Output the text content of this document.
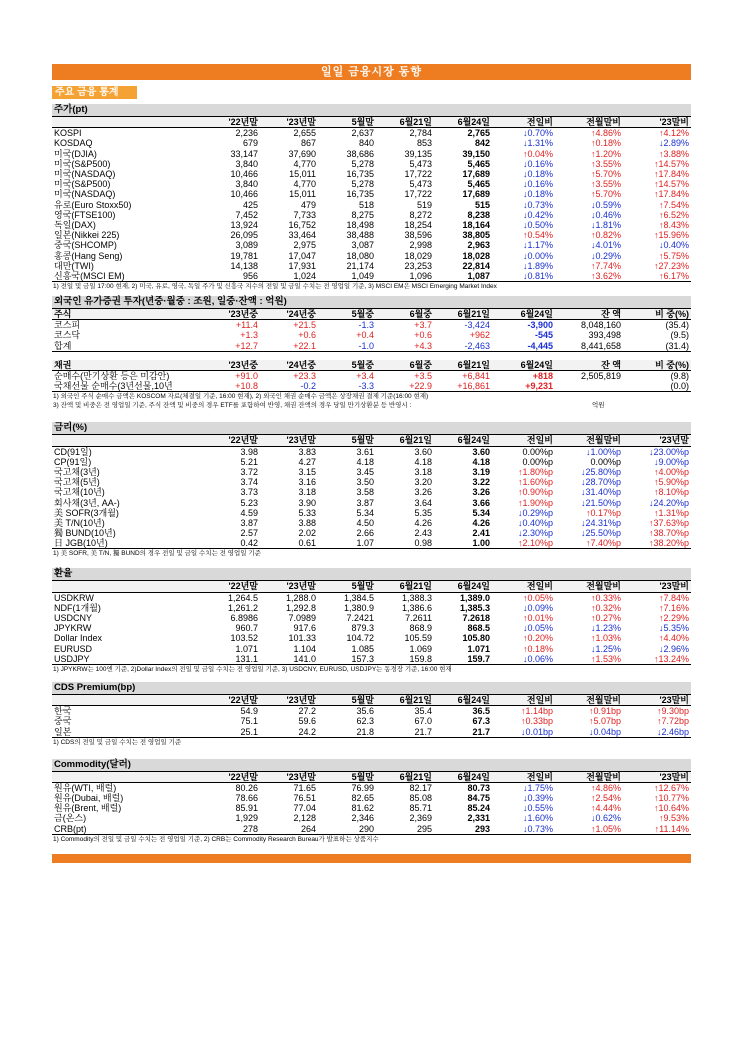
일일 금융시장 동향
주요 금융 통계
주가(pt)
	'22년말	'23년말	5월말	6월21일	6월24일	전일비	전월말비	'23말비
KOSPI	2,236	2,655	2,637	2,784	2,765	↓0.70%	↑4.86%	↑4.12%
KOSDAQ	679	867	840	853	842	↓1.31%	↑0.18%	↓2.89%
미국(DJIA)	33,147	37,690	38,686	39,135	39,150	↑0.04%	↑1.20%	↑3.88%
미국(S&P500)	3,840	4,770	5,278	5,473	5,465	↓0.16%	↑3.55%	↑14.57%
미국(NASDAQ)	10,466	15,011	16,735	17,722	17,689	↓0.18%	↑5.70%	↑17.84%
미국(S&P500)	3,840	4,770	5,278	5,473	5,465	↓0.16%	↑3.55%	↑14.57%
미국(NASDAQ)	10,466	15,011	16,735	17,722	17,689	↓0.18%	↑5.70%	↑17.84%
유로(Euro Stoxx50)	425	479	518	519	515	↓0.73%	↓0.59%	↑7.54%
영국(FTSE100)	7,452	7,733	8,275	8,272	8,238	↓0.42%	↓0.46%	↑6.52%
독일(DAX)	13,924	16,752	18,498	18,254	18,164	↓0.50%	↓1.81%	↑8.43%
일본(Nikkei 225)	26,095	33,464	38,488	38,596	38,805	↑0.54%	↑0.82%	↑15.96%
중국(SHCOMP)	3,089	2,975	3,087	2,998	2,963	↓1.17%	↓4.01%	↓0.40%
홍콩(Hang Seng)	19,781	17,047	18,080	18,029	18,028	↓0.00%	↓0.29%	↑5.75%
대만(TWI)	14,138	17,931	21,174	23,253	22,814	↓1.89%	↑7.74%	↑27.23%
신흥국(MSCI EM)	956	1,024	1,049	1,096	1,087	↓0.81%	↑3.62%	↑6.17%
1) 전일 및 금일 17:00 현재, 2) 미국, 유로, 영국, 독일 주가 및 신흥국 지수의 전일 및 금일 수치는 전 영업일 기준, 3) MSCI EM은 MSCI Emerging Market Index
외국인 유가증권 투자(년중·월중 : 조원, 일중·잔액 : 억원)
주식	'23년중	'24년중	5월중	6월중	6월21일	6월24일	잔 액	비 중(%)
코스피	+11.4	+21.5	-1.3	+3.7	-3,424	-3,900	8,048,160	(35.4)
코스닥	+1.3	+0.6	+0.4	+0.6	+962	-545	393,498	(9.5)
합계	+12.7	+22.1	-1.0	+4.3	-2,463	-4,445	8,441,658	(31.4)
채권	'23년중	'24년중	5월중	6월중	6월21일	6월24일	잔 액	비 중(%)
순매수(만기상환 등은 미감안)	+91.0	+23.3	+3.4	+3.5	+6,841	+818	2,505,819	(9.8)
국채선물 순매수(3년선물,10년	+10.8	-0.2	-3.3	+22.9	+16,861	+9,231		(0.0)
1) 외국인 주식 순매수 금액은 KOSCOM 자료(체결일 기준, 16:00 현재), 2) 외국인 채권 순매수 금액은 상장채권 결제 기준(16:00 현재)
3) 잔액 및 비중은 전 영업일 기준, 주식 잔액 및 비중의 경우 ETF를 포함하여 반영, 채권 잔액의 경우 당일 만기상환분 등 반영시 :	억원
금리(%)
	'22년말	'23년말	5월말	6월21일	6월24일	전일비	전월말비	'23년말
CD(91일)	3.98	3.83	3.61	3.60	3.60	0.00%p	↓1.00%p	↓23.00%p
CP(91일)	5.21	4.27	4.18	4.18	4.18	0.00%p	0.00%p	↓9.00%p
국고채(3년)	3.72	3.15	3.45	3.18	3.19	↑1.80%p	↓25.80%p	↑4.00%p
국고채(5년)	3.74	3.16	3.50	3.20	3.22	↑1.60%p	↓28.70%p	↑5.90%p
국고채(10년)	3.73	3.18	3.58	3.26	3.26	↑0.90%p	↓31.40%p	↑8.10%p
회사채(3년, AA-)	5.23	3.90	3.87	3.64	3.66	↑1.90%p	↓21.50%p	↓24.20%p
美 SOFR(3개월)	4.59	5.33	5.34	5.35	5.34	↓0.29%p	↑0.17%p	↑1.31%p
美 T/N(10년)	3.87	3.88	4.50	4.26	4.26	↓0.40%p	↓24.31%p	↑37.63%p
獨 BUND(10년)	2.57	2.02	2.66	2.43	2.41	↓2.30%p	↓25.50%p	↑38.70%p
日 JGB(10년)	0.42	0.61	1.07	0.98	1.00	↑2.10%p	↑7.40%p	↑38.20%p
1) 美 SOFR, 美 T/N, 獨 BUND의 경우 전일 및 금일 수치는 전 영업일 기준
환율
	'22년말	'23년말	5월말	6월21일	6월24일	전일비	전월말비	'23말비
USDKRW	1,264.5	1,288.0	1,384.5	1,388.3	1,389.0	↑0.05%	↑0.33%	↑7.84%
NDF(1개월)	1,261.2	1,292.8	1,380.9	1,386.6	1,385.3	↓0.09%	↑0.32%	↑7.16%
USDCNY	6.8986	7.0989	7.2421	7.2611	7.2618	↑0.01%	↑0.27%	↑2.29%
JPYKRW	960.7	917.6	879.3	868.9	868.5	↓0.05%	↓1.23%	↓5.35%
Dollar Index	103.52	101.33	104.72	105.59	105.80	↑0.20%	↑1.03%	↑4.40%
EURUSD	1.071	1.104	1.085	1.069	1.071	↑0.18%	↓1.25%	↓2.96%
USDJPY	131.1	141.0	157.3	159.8	159.7	↓0.06%	↑1.53%	↑13.24%
1) JPYKRW는 100엔 기준, 2)Dollar Index의 전일 및 금일 수치는 전 영업일 기준, 3) USDCNY, EURUSD, USDJPY는 동경장 기준, 16:00 현재
CDS Premium(bp)
	'22년말	'23년말	5월말	6월21일	6월24일	전일비	전월말비	'23말비
한국	54.9	27.2	35.6	35.4	36.5	↑1.14bp	↑0.91bp	↑9.30bp
중국	75.1	59.6	62.3	67.0	67.3	↑0.33bp	↑5.07bp	↑7.72bp
일본	25.1	24.2	21.8	21.7	21.7	↓0.01bp	↓0.04bp	↓2.46bp
1) CDS의 전일 및 금일 수치는 전 영업일 기준
Commodity(달러)
	'22년말	'23년말	5월말	6월21일	6월24일	전일비	전월말비	'23말비
원유(WTI, 배럴)	80.26	71.65	76.99	82.17	80.73	↓1.75%	↑4.86%	↑12.67%
원유(Dubai, 배럴)	78.66	76.51	82.65	85.08	84.75	↓0.39%	↑2.54%	↑10.77%
원유(Brent, 배럴)	85.91	77.04	81.62	85.71	85.24	↓0.55%	↑4.44%	↑10.64%
금(온스)	1,929	2,128	2,346	2,369	2,331	↓1.60%	↓0.62%	↑9.53%
CRB(pt)	278	264	290	295	293	↓0.73%	↑1.05%	↑11.14%
1) Commodity의 전일 및 금일 수치는 전 영업일 기준, 2) CRB는 Commodity Research Bureau가 발표하는 상품지수
